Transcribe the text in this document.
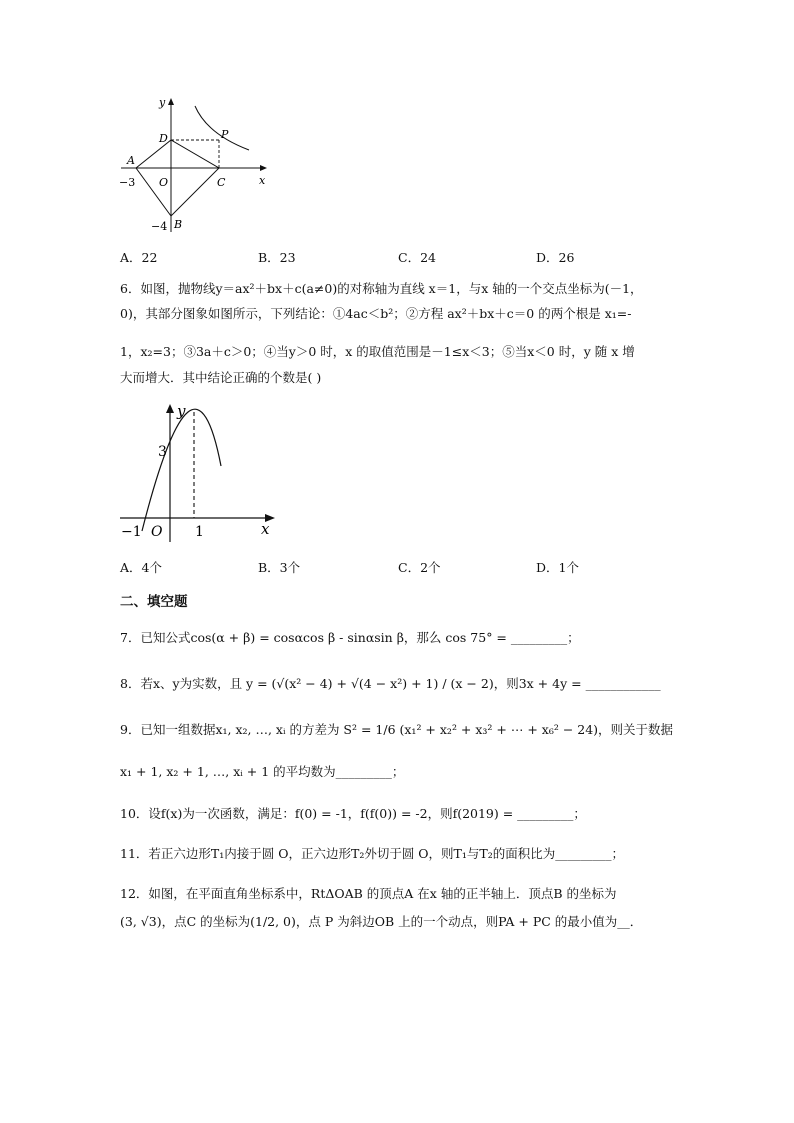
y
x
D	P
A
−3 O	C
−4 B
A．22	B．23	C．24	D．26
6．如图，抛物线y＝ax²＋bx＋c(a≠0)的对称轴为直线 x＝1，与x 轴的一个交点坐标为(－1，
0)，其部分图象如图所示，下列结论：①4ac＜b²；②方程 ax²＋bx＋c＝0 的两个根是 x₁=-
1，x₂=3；③3a＋c＞0；④当y＞0 时，x 的取值范围是－1≤x＜3；⑤当x＜0 时，y 随 x 增
大而增大．其中结论正确的个数是( )
y
x
3
−1 O 1
A．4个	B．3个	C．2个	D．1个
二、填空题
7．已知公式cos(α + β) = cosαcos β - sinαsin β，那么 cos 75° = _________；
8．若x、y为实数，且 y = (√(x² − 4) + √(4 − x²) + 1) / (x − 2)，则3x + 4y = ____________
9．已知一组数据x₁, x₂, …, xᵢ 的方差为 S² = 1/6 (x₁² + x₂² + x₃² + ⋯ + x₆² − 24)，则关于数据
x₁ + 1, x₂ + 1, …, xᵢ + 1 的平均数为_________；
10．设f(x)为一次函数，满足：f(0) = -1，f(f(0)) = -2，则f(2019) = _________；
11．若正六边形T₁内接于圆 O，正六边形T₂外切于圆 O，则T₁与T₂的面积比为_________；
12．如图，在平面直角坐标系中，RtΔOAB 的顶点A 在x 轴的正半轴上．顶点B 的坐标为
(3, √3)，点C 的坐标为(1/2, 0)，点 P 为斜边OB 上的一个动点，则PA + PC 的最小值为__．
